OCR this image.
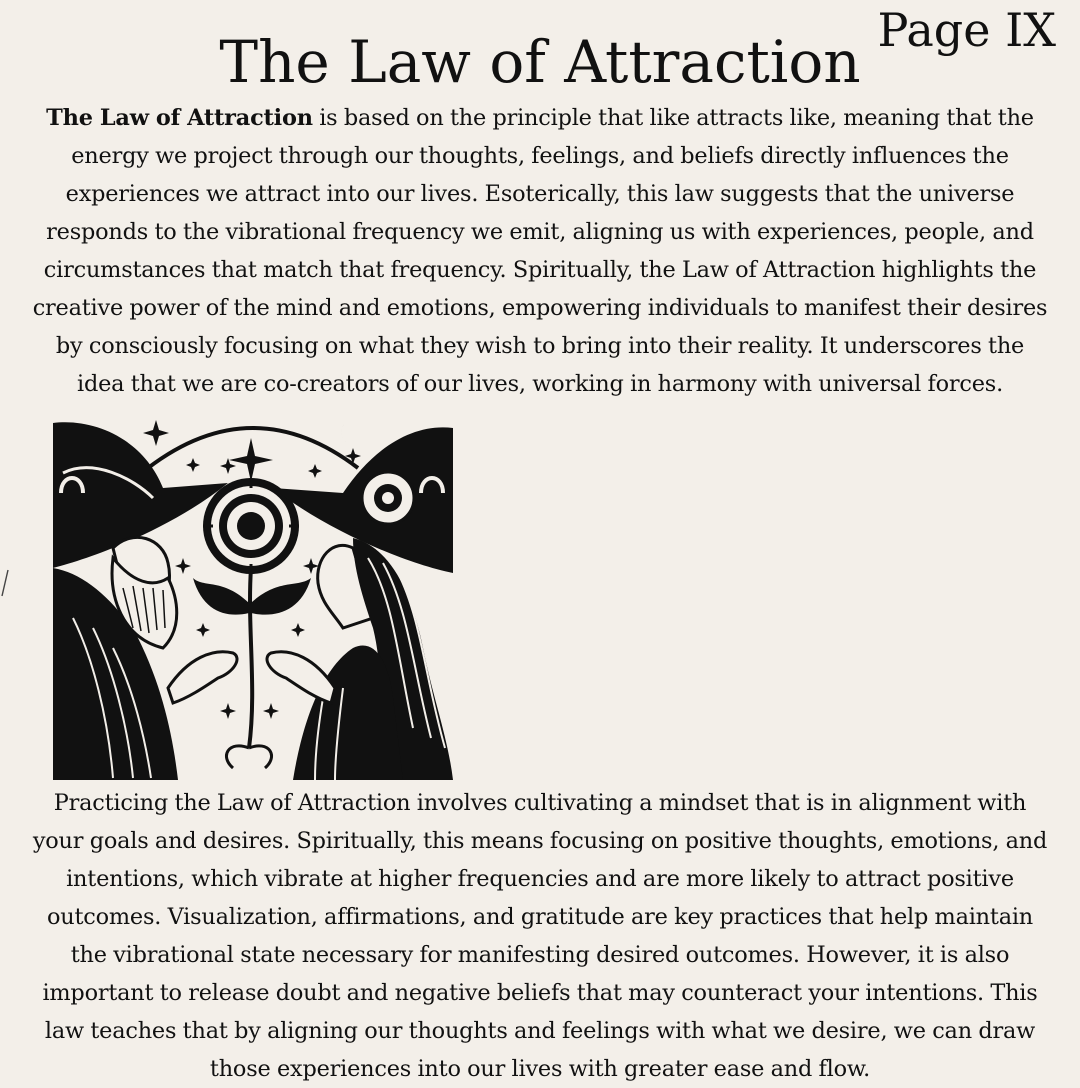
Page IX
The Law of Attraction

The Law of Attraction is based on the principle that like attracts like, meaning that the energy we project through our thoughts, feelings, and beliefs directly influences the experiences we attract into our lives. Esoterically, this law suggests that the universe responds to the vibrational frequency we emit, aligning us with experiences, people, and circumstances that match that frequency. Spiritually, the Law of Attraction highlights the creative power of the mind and emotions, empowering individuals to manifest their desires by consciously focusing on what they wish to bring into their reality. It underscores the idea that we are co-creators of our lives, working in harmony with universal forces.

Practicing the Law of Attraction involves cultivating a mindset that is in alignment with your goals and desires. Spiritually, this means focusing on positive thoughts, emotions, and intentions, which vibrate at higher frequencies and are more likely to attract positive outcomes. Visualization, affirmations, and gratitude are key practices that help maintain the vibrational state necessary for manifesting desired outcomes. However, it is also important to release doubt and negative beliefs that may counteract your intentions. This law teaches that by aligning our thoughts and feelings with what we desire, we can draw those experiences into our lives with greater ease and flow.
